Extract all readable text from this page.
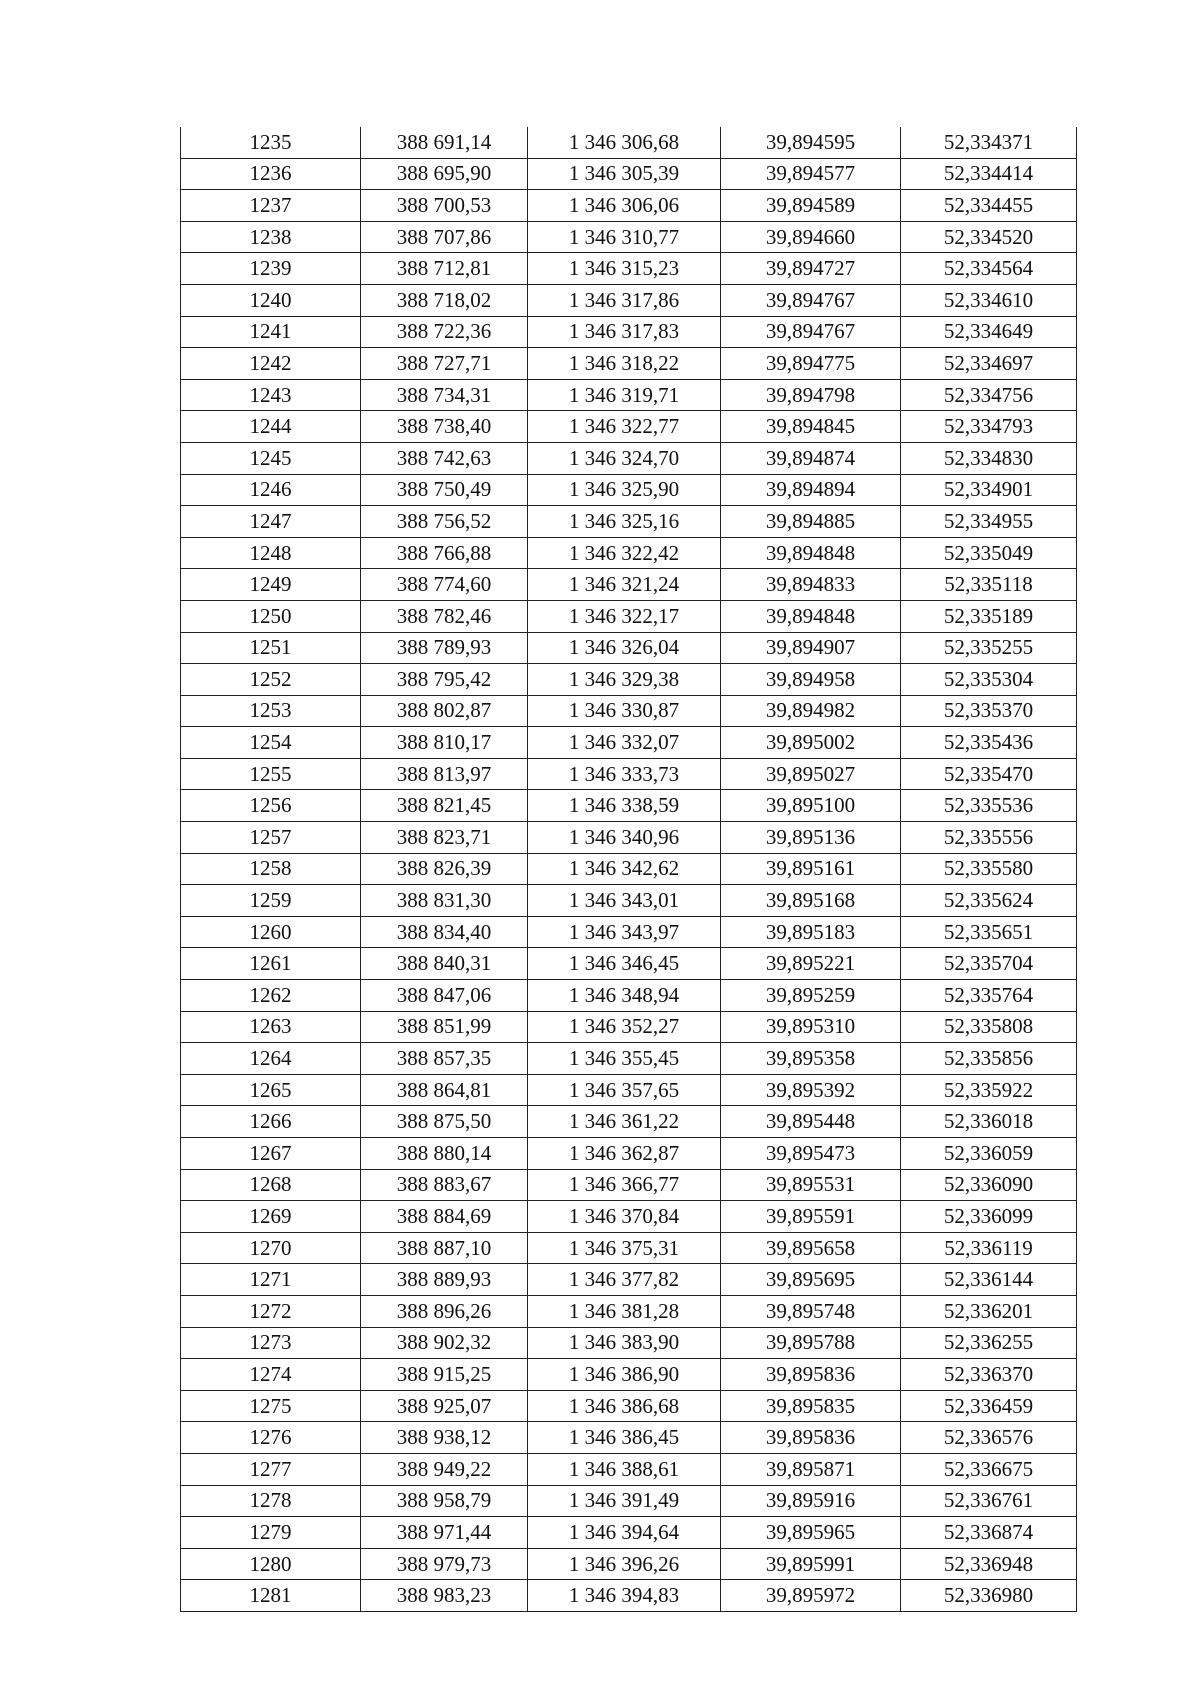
1235	388 691,14	1 346 306,68	39,894595	52,334371
1236	388 695,90	1 346 305,39	39,894577	52,334414
1237	388 700,53	1 346 306,06	39,894589	52,334455
1238	388 707,86	1 346 310,77	39,894660	52,334520
1239	388 712,81	1 346 315,23	39,894727	52,334564
1240	388 718,02	1 346 317,86	39,894767	52,334610
1241	388 722,36	1 346 317,83	39,894767	52,334649
1242	388 727,71	1 346 318,22	39,894775	52,334697
1243	388 734,31	1 346 319,71	39,894798	52,334756
1244	388 738,40	1 346 322,77	39,894845	52,334793
1245	388 742,63	1 346 324,70	39,894874	52,334830
1246	388 750,49	1 346 325,90	39,894894	52,334901
1247	388 756,52	1 346 325,16	39,894885	52,334955
1248	388 766,88	1 346 322,42	39,894848	52,335049
1249	388 774,60	1 346 321,24	39,894833	52,335118
1250	388 782,46	1 346 322,17	39,894848	52,335189
1251	388 789,93	1 346 326,04	39,894907	52,335255
1252	388 795,42	1 346 329,38	39,894958	52,335304
1253	388 802,87	1 346 330,87	39,894982	52,335370
1254	388 810,17	1 346 332,07	39,895002	52,335436
1255	388 813,97	1 346 333,73	39,895027	52,335470
1256	388 821,45	1 346 338,59	39,895100	52,335536
1257	388 823,71	1 346 340,96	39,895136	52,335556
1258	388 826,39	1 346 342,62	39,895161	52,335580
1259	388 831,30	1 346 343,01	39,895168	52,335624
1260	388 834,40	1 346 343,97	39,895183	52,335651
1261	388 840,31	1 346 346,45	39,895221	52,335704
1262	388 847,06	1 346 348,94	39,895259	52,335764
1263	388 851,99	1 346 352,27	39,895310	52,335808
1264	388 857,35	1 346 355,45	39,895358	52,335856
1265	388 864,81	1 346 357,65	39,895392	52,335922
1266	388 875,50	1 346 361,22	39,895448	52,336018
1267	388 880,14	1 346 362,87	39,895473	52,336059
1268	388 883,67	1 346 366,77	39,895531	52,336090
1269	388 884,69	1 346 370,84	39,895591	52,336099
1270	388 887,10	1 346 375,31	39,895658	52,336119
1271	388 889,93	1 346 377,82	39,895695	52,336144
1272	388 896,26	1 346 381,28	39,895748	52,336201
1273	388 902,32	1 346 383,90	39,895788	52,336255
1274	388 915,25	1 346 386,90	39,895836	52,336370
1275	388 925,07	1 346 386,68	39,895835	52,336459
1276	388 938,12	1 346 386,45	39,895836	52,336576
1277	388 949,22	1 346 388,61	39,895871	52,336675
1278	388 958,79	1 346 391,49	39,895916	52,336761
1279	388 971,44	1 346 394,64	39,895965	52,336874
1280	388 979,73	1 346 396,26	39,895991	52,336948
1281	388 983,23	1 346 394,83	39,895972	52,336980
